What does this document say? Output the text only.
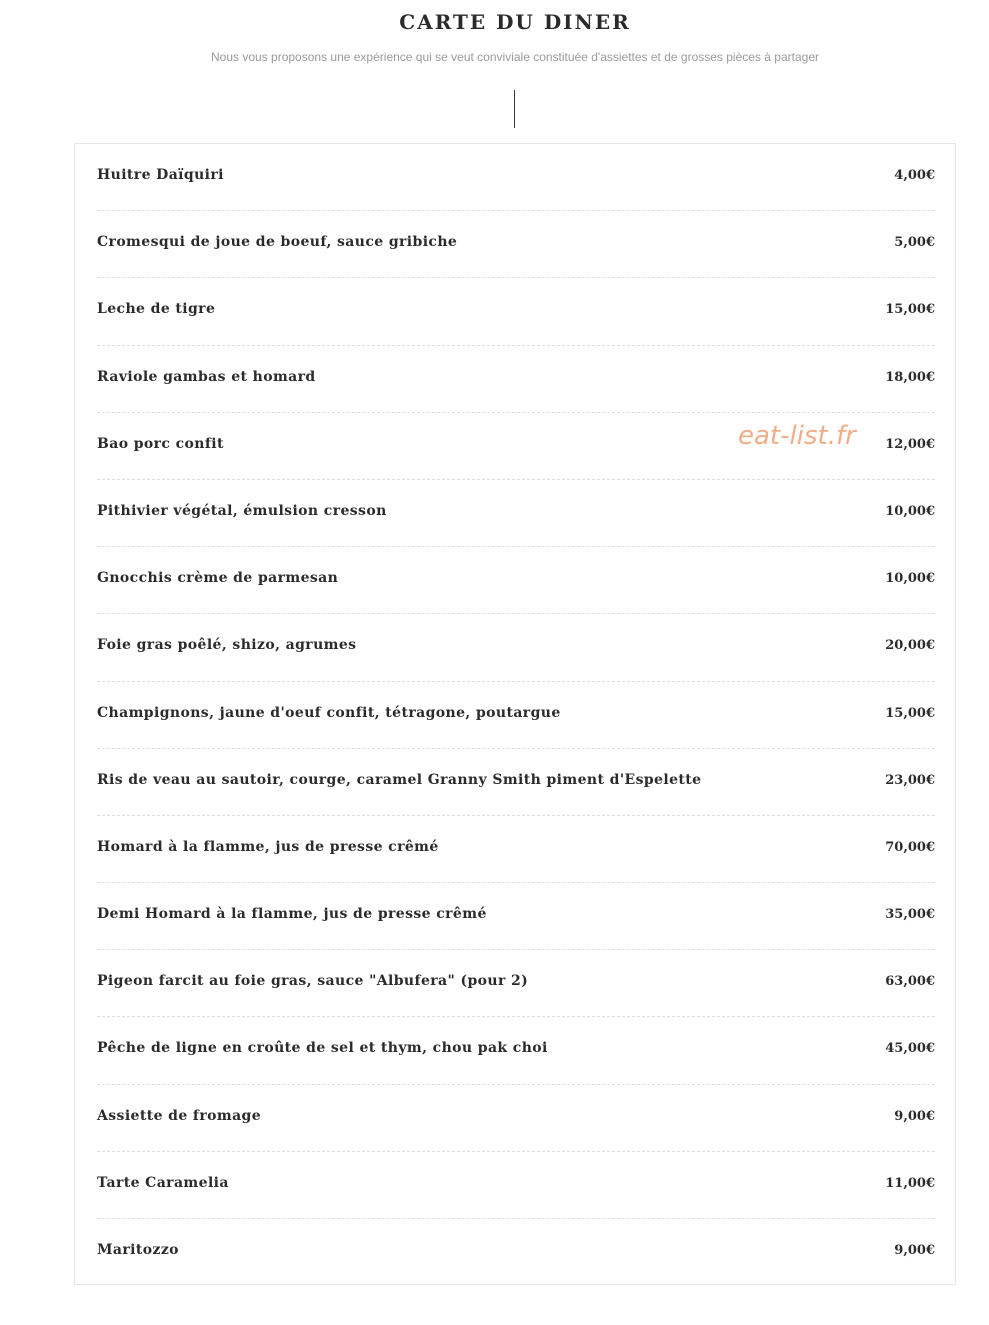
CARTE DU DINER
Nous vous proposons une expérience qui se veut conviviale constituée d'assiettes et de grosses pièces à partager
Huitre Daïquiri	4,00€
Cromesqui de joue de boeuf, sauce gribiche	5,00€
Leche de tigre	15,00€
Raviole gambas et homard	18,00€
Bao porc confit	12,00€
Pithivier végétal, émulsion cresson	10,00€
Gnocchis crème de parmesan	10,00€
Foie gras poêlé, shizo, agrumes	20,00€
Champignons, jaune d'oeuf confit, tétragone, poutargue	15,00€
Ris de veau au sautoir, courge, caramel Granny Smith piment d'Espelette	23,00€
Homard à la flamme, jus de presse crêmé	70,00€
Demi Homard à la flamme, jus de presse crêmé	35,00€
Pigeon farcit au foie gras, sauce "Albufera" (pour 2)	63,00€
Pêche de ligne en croûte de sel et thym, chou pak choi	45,00€
Assiette de fromage	9,00€
Tarte Caramelia	11,00€
Maritozzo	9,00€
eat-list.fr
